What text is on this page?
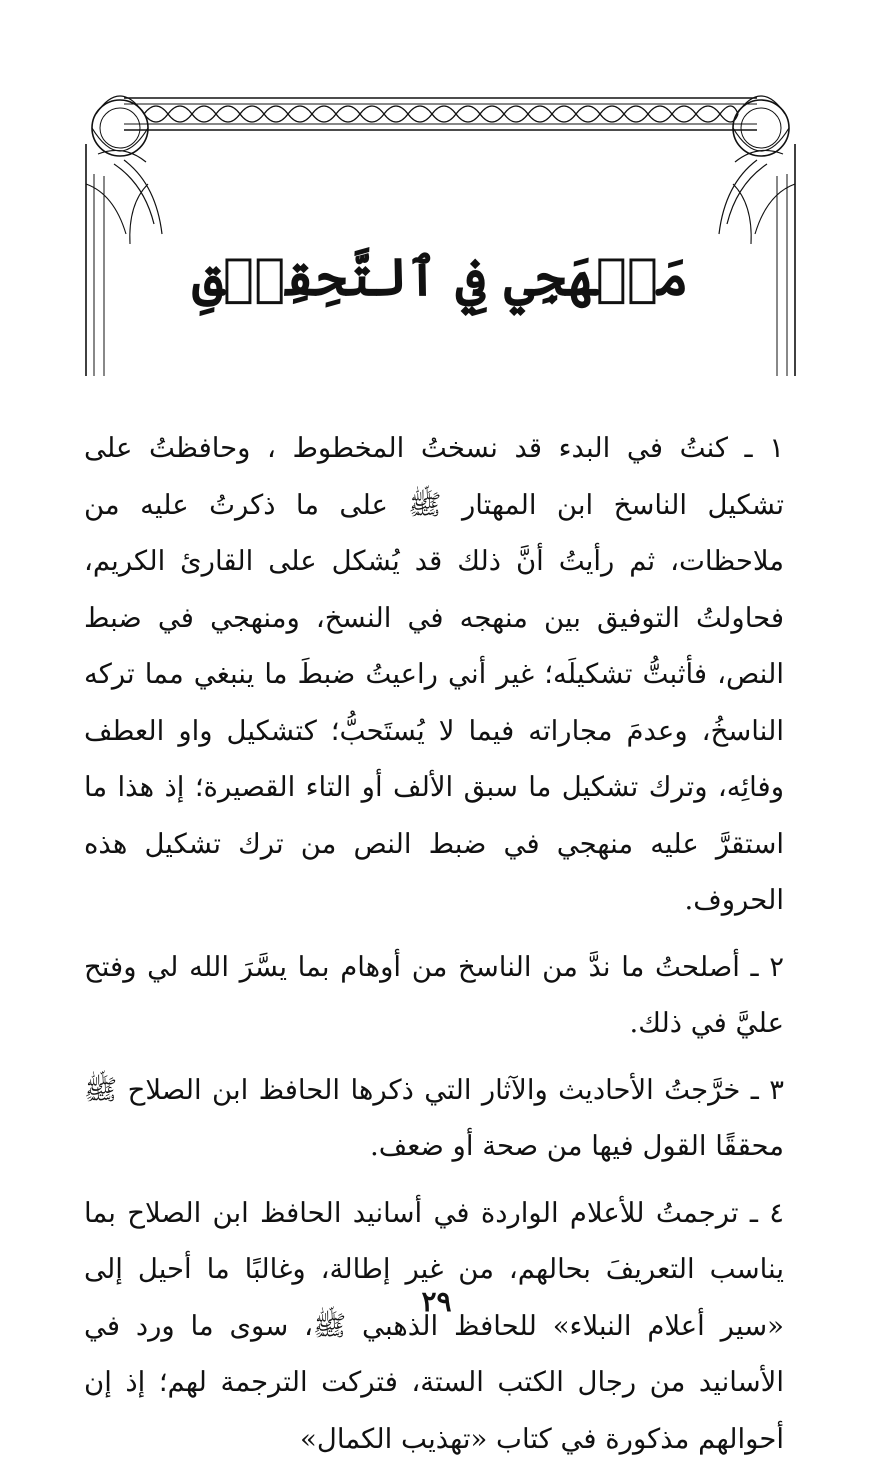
مَنۡهَجِي فِي ٱلتَّحِقِيۡقِ

١ ـ كنتُ في البدء قد نسختُ المخطوط ، وحافظتُ على تشكيل الناسخ ابن المهتار ﷺ على ما ذكرتُ عليه من ملاحظات، ثم رأيتُ أنَّ ذلك قد يُشكل على القارئ الكريم، فحاولتُ التوفيق بين منهجه في النسخ، ومنهجي في ضبط النص، فأثبتُّ تشكيلَه؛ غير أني راعيتُ ضبطَ ما ينبغي مما تركه الناسخُ، وعدمَ مجاراته فيما لا يُستَحبُّ؛ كتشكيل واو العطف وفائِه، وترك تشكيل ما سبق الألف أو التاء القصيرة؛ إذ هذا ما استقرَّ عليه منهجي في ضبط النص من ترك تشكيل هذه الحروف.

٢ ـ أصلحتُ ما ندَّ من الناسخ من أوهام بما يسَّرَ الله لي وفتح عليَّ في ذلك.

٣ ـ خرَّجتُ الأحاديث والآثار التي ذكرها الحافظ ابن الصلاح ﷺ محققًا القول فيها من صحة أو ضعف.

٤ ـ ترجمتُ للأعلام الواردة في أسانيد الحافظ ابن الصلاح بما يناسب التعريفَ بحالهم، من غير إطالة، وغالبًا ما أحيل إلى «سير أعلام النبلاء» للحافظ الذهبي ﷺ، سوى ما ورد في الأسانيد من رجال الكتب الستة، فتركت الترجمة لهم؛ إذ إن أحوالهم مذكورة في كتاب «تهذيب الكمال»

٢٩
